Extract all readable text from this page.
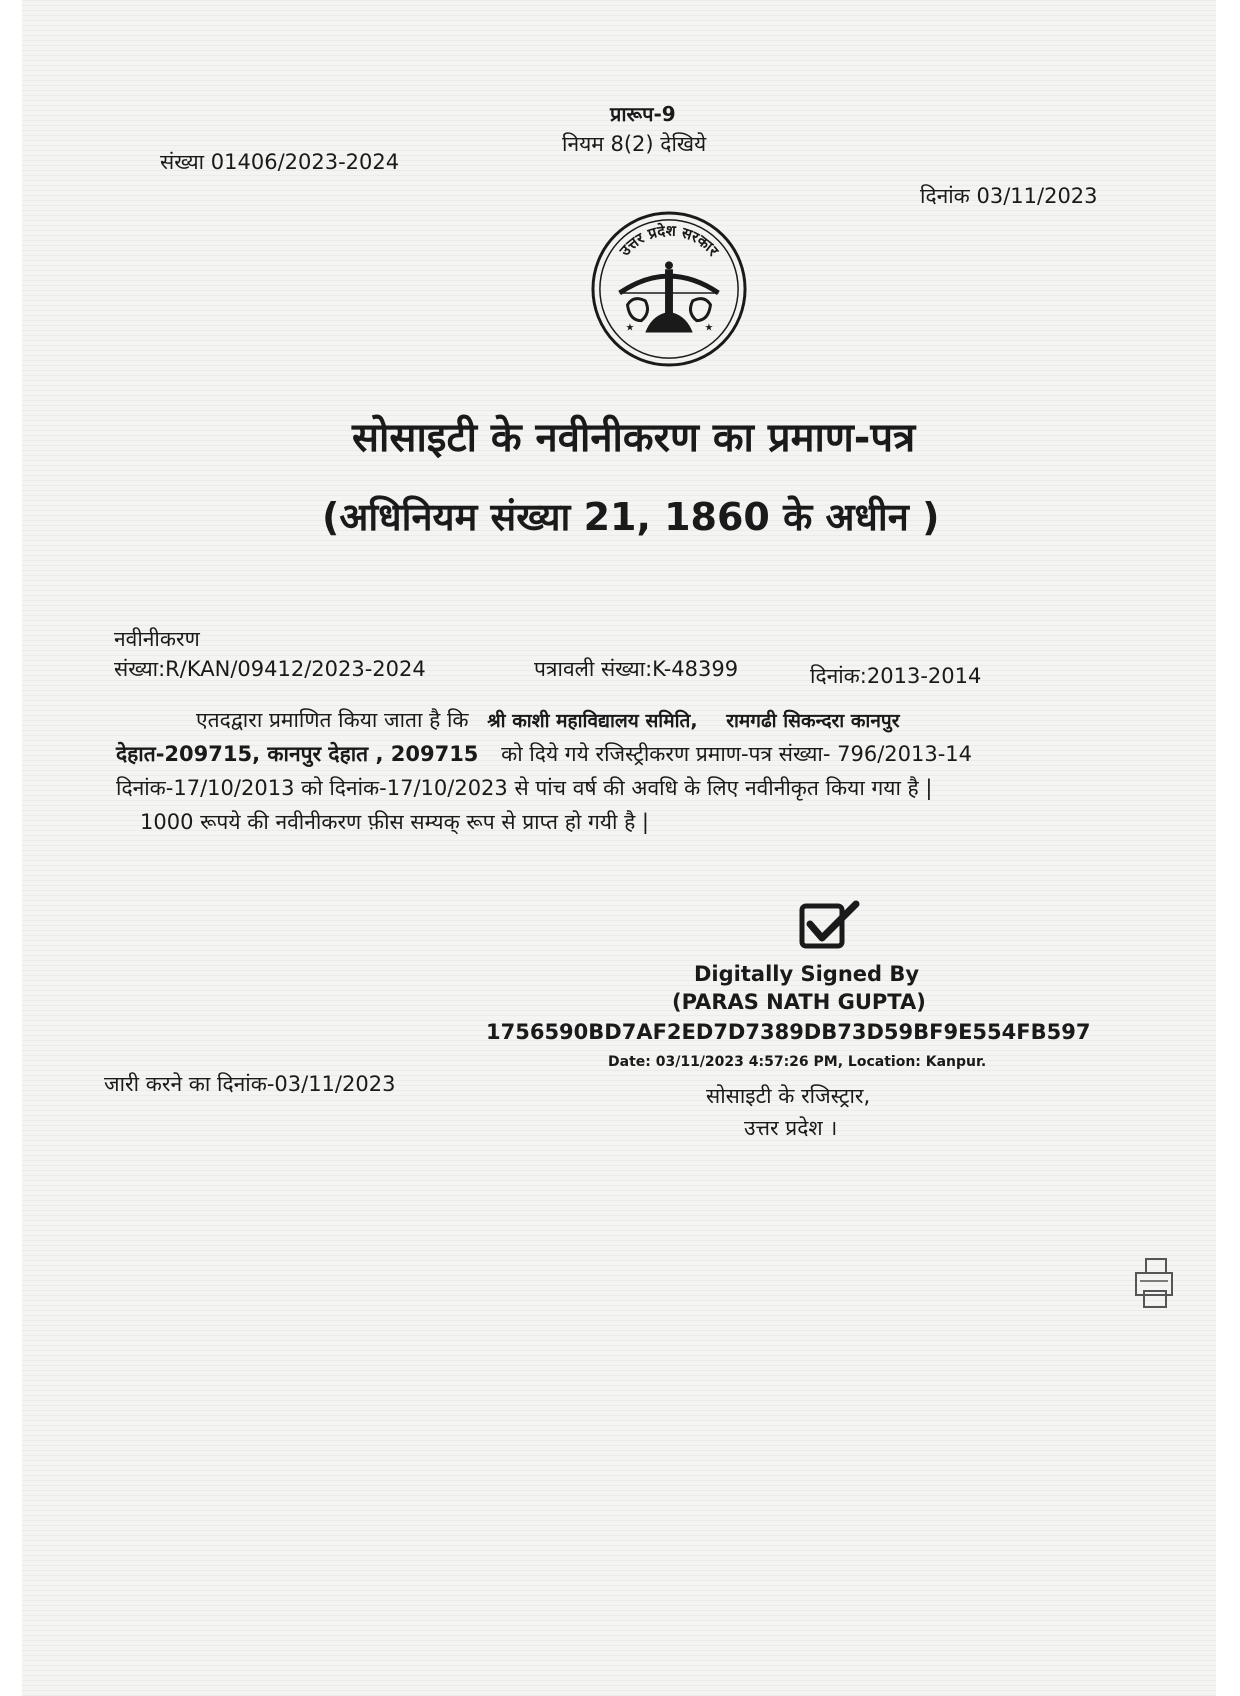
प्रारूप-9
नियम 8(2) देखिये
संख्या 01406/2023-2024
दिनांक 03/11/2023
उत्तर प्रदेश सरकार
★	★
सोसाइटी के नवीनीकरण का प्रमाण-पत्र
(अधिनियम संख्या 21, 1860 के अधीन )
नवीनीकरण
संख्या:R/KAN/09412/2023-2024	पत्रावली संख्या:K-48399	दिनांक:2013-2014
एतदद्वारा प्रमाणित किया जाता है कि श्री काशी महाविद्यालय समिति, रामगढी सिकन्दरा कानपुर
देहात-209715, कानपुर देहात , 209715 को दिये गये रजिस्ट्रीकरण प्रमाण-पत्र संख्या- 796/2013-14
दिनांक-17/10/2013 को दिनांक-17/10/2023 से पांच वर्ष की अवधि के लिए नवीनीकृत किया गया है |
1000 रूपये की नवीनीकरण फ़ीस सम्यक् रूप से प्राप्त हो गयी है |
Digitally Signed By
(PARAS NATH GUPTA)
1756590BD7AF2ED7D7389DB73D59BF9E554FB597
Date: 03/11/2023 4:57:26 PM, Location: Kanpur.
सोसाइटी के रजिस्ट्रार,
उत्तर प्रदेश ।
जारी करने का दिनांक-03/11/2023
